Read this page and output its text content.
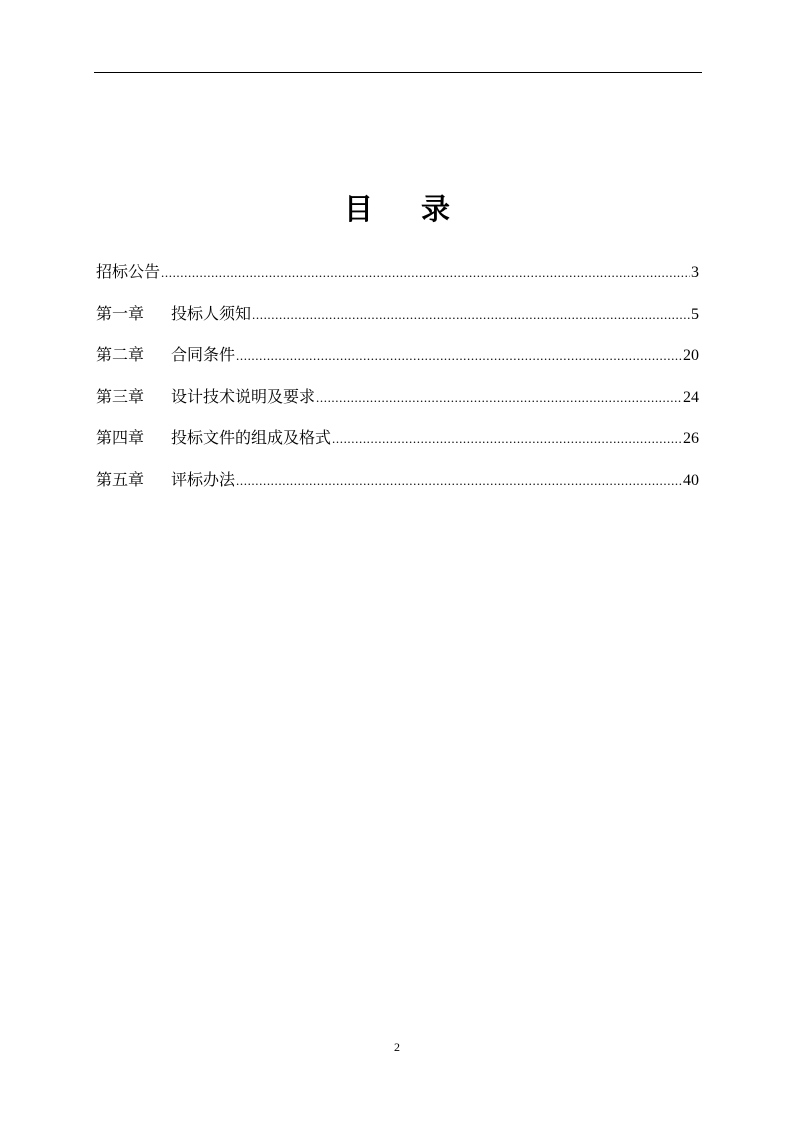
目 录
招标公告 .....	3
第一章	投标人须知 .....	5
第二章	合同条件 .....	20
第三章	设计技术说明及要求 .....	24
第四章	投标文件的组成及格式 .....	26
第五章	评标办法 .....	40
2
